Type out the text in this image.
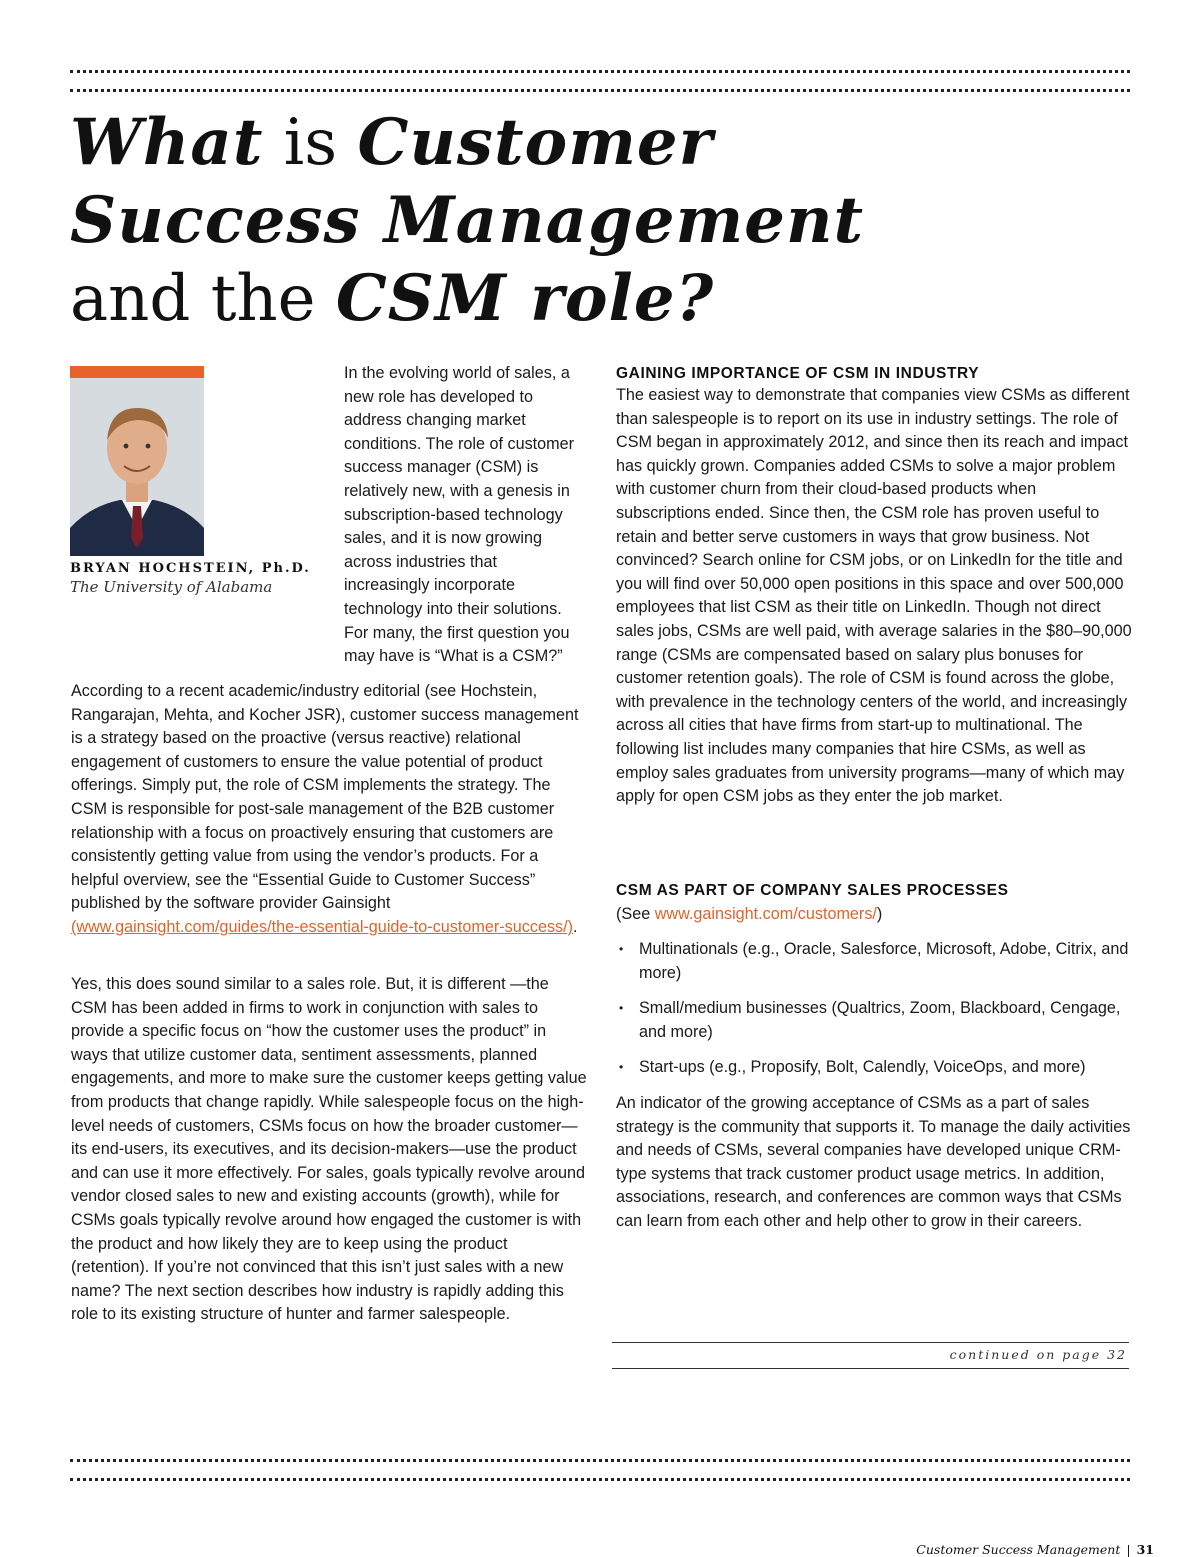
What is Customer
Success Management
and the CSM role?

BRYAN HOCHSTEIN, Ph.D.

The University of Alabama

In the evolving world of sales, a new role has developed to address changing market conditions. The role of customer success manager (CSM) is relatively new, with a genesis in subscription-based technology sales, and it is now growing across industries that increasingly incorporate technology into their solutions. For many, the first question you may have is “What is a CSM?”

According to a recent academic/industry editorial (see Hochstein, Rangarajan, Mehta, and Kocher JSR), customer success management is a strategy based on the proactive (versus reactive) relational engagement of customers to ensure the value potential of product offerings. Simply put, the role of CSM implements the strategy. The CSM is responsible for post-sale management of the B2B customer relationship with a focus on proactively ensuring that customers are consistently getting value from using the vendor’s products. For a helpful overview, see the “Essential Guide to Customer Success” published by the software provider Gainsight (www.gainsight.com/guides/the-essential-guide-to-customer-success/).

Yes, this does sound similar to a sales role. But, it is different —the CSM has been added in firms to work in conjunction with sales to provide a specific focus on “how the customer uses the product” in ways that utilize customer data, sentiment assessments, planned engagements, and more to make sure the customer keeps getting value from products that change rapidly. While salespeople focus on the high-level needs of customers, CSMs focus on how the broader customer—its end-users, its executives, and its decision-makers—use the product and can use it more effectively. For sales, goals typically revolve around vendor closed sales to new and existing accounts (growth), while for CSMs goals typically revolve around how engaged the customer is with the product and how likely they are to keep using the product (retention). If you’re not convinced that this isn’t just sales with a new name? The next section describes how industry is rapidly adding this role to its existing structure of hunter and farmer salespeople.

GAINING IMPORTANCE OF CSM IN INDUSTRY

The easiest way to demonstrate that companies view CSMs as different than salespeople is to report on its use in industry settings. The role of CSM began in approximately 2012, and since then its reach and impact has quickly grown. Companies added CSMs to solve a major problem with customer churn from their cloud-based products when subscriptions ended. Since then, the CSM role has proven useful to retain and better serve customers in ways that grow business. Not convinced? Search online for CSM jobs, or on LinkedIn for the title and you will find over 50,000 open positions in this space and over 500,000 employees that list CSM as their title on LinkedIn. Though not direct sales jobs, CSMs are well paid, with average salaries in the $80–90,000 range (CSMs are compensated based on salary plus bonuses for customer retention goals). The role of CSM is found across the globe, with prevalence in the technology centers of the world, and increasingly across all cities that have firms from start-up to multinational. The following list includes many companies that hire CSMs, as well as employ sales graduates from university programs—many of which may apply for open CSM jobs as they enter the job market.

CSM AS PART OF COMPANY SALES PROCESSES

(See www.gainsight.com/customers/)

• Multinationals (e.g., Oracle, Salesforce, Microsoft, Adobe, Citrix, and more)
• Small/medium businesses (Qualtrics, Zoom, Blackboard, Cengage, and more)
• Start-ups (e.g., Proposify, Bolt, Calendly, VoiceOps, and more)

An indicator of the growing acceptance of CSMs as a part of sales strategy is the community that supports it. To manage the daily activities and needs of CSMs, several companies have developed unique CRM-type systems that track customer product usage metrics. In addition, associations, research, and conferences are common ways that CSMs can learn from each other and help other to grow in their careers.

continued on page 32

Customer Success Management | 31
